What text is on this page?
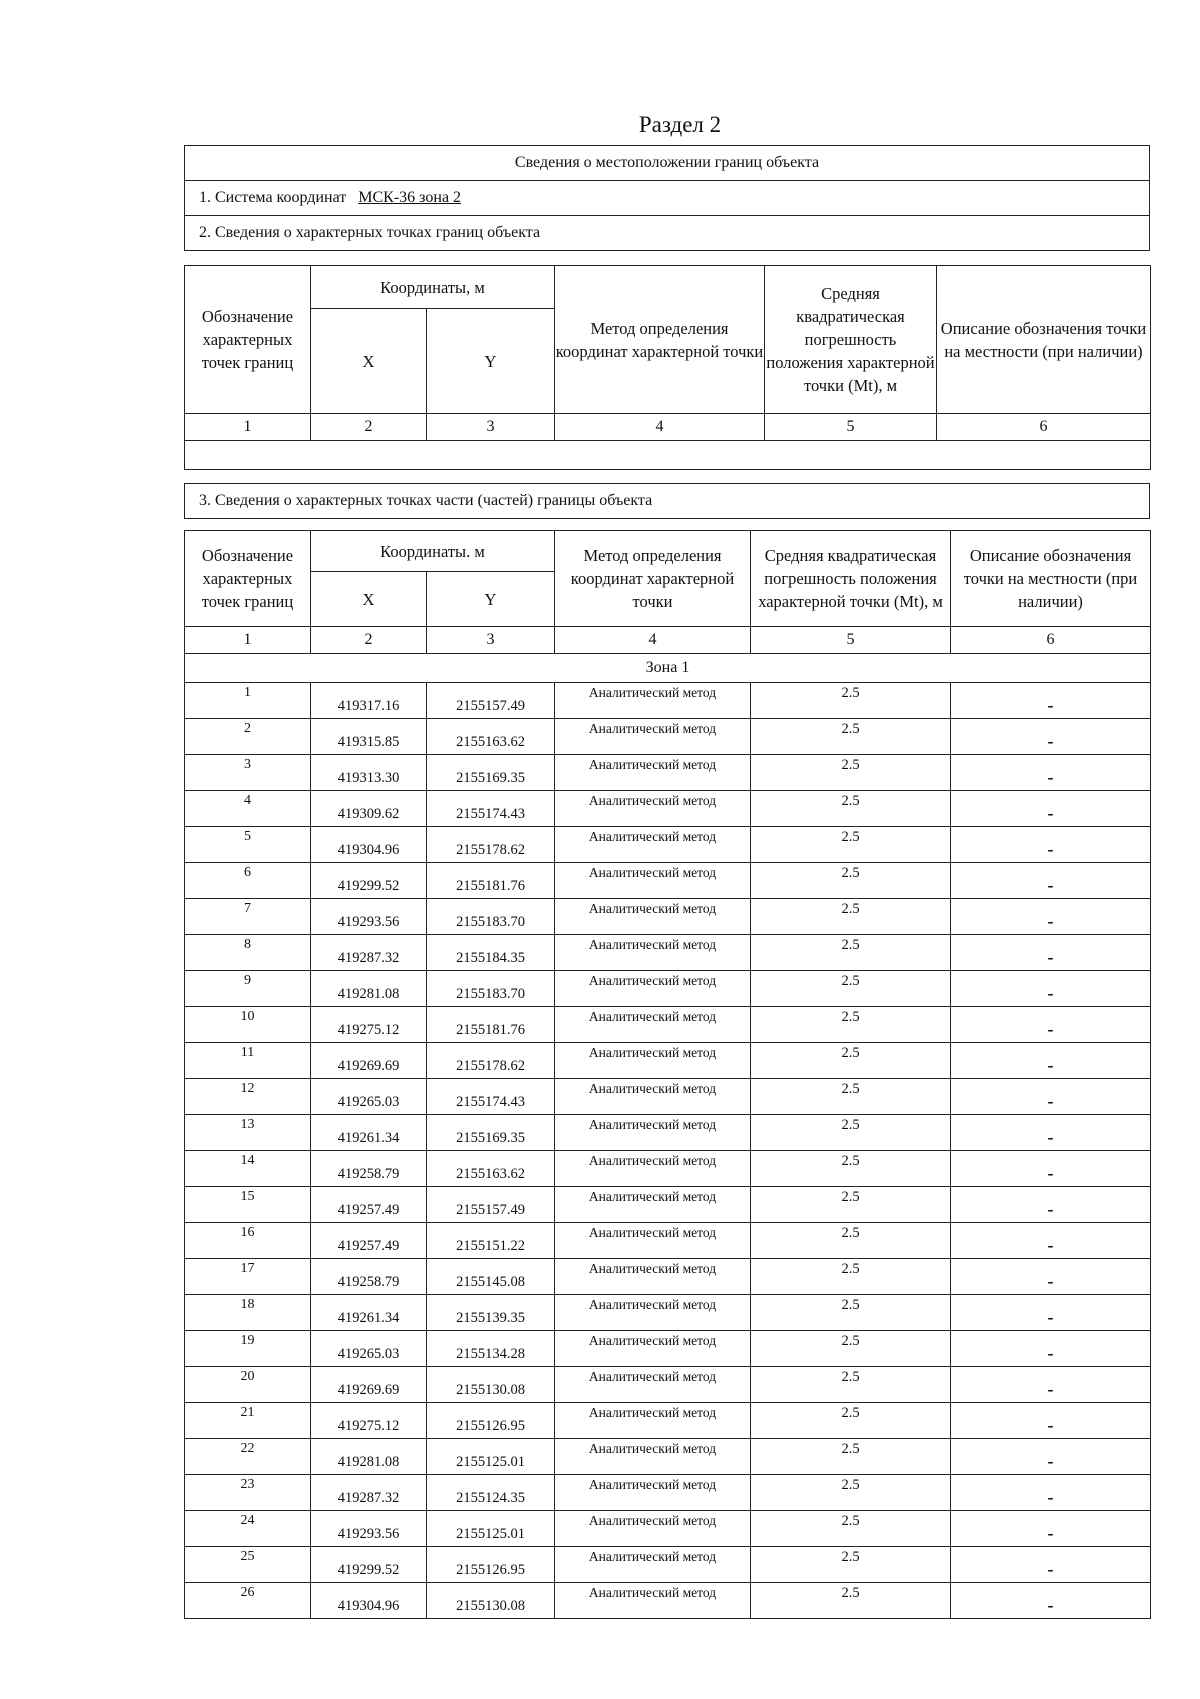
Раздел 2
Сведения о местоположении границ объекта
1. Система координат МСК-36 зона 2
2. Сведения о характерных точках границ объекта
Обозначение характерных точек границ	Координаты, м		Метод определения координат характерной точки	Средняя квадратическая погрешность положения характерной точки (Mt), м	Описание обозначения точки на местности (при наличии)
	X	Y			
1	2	3	4	5	6

3. Сведения о характерных точках части (частей) границы объекта
Обозначение характерных точек границ	Координаты. м		Метод определения координат характерной точки	Средняя квадратическая погрешность положения характерной точки (Mt), м	Описание обозначения точки на местности (при наличии)
	X	Y			
1	2	3	4	5	6
Зона 1					
1	419317.16	2155157.49	Аналитический метод	2.5	-
2	419315.85	2155163.62	Аналитический метод	2.5	-
3	419313.30	2155169.35	Аналитический метод	2.5	-
4	419309.62	2155174.43	Аналитический метод	2.5	-
5	419304.96	2155178.62	Аналитический метод	2.5	-
6	419299.52	2155181.76	Аналитический метод	2.5	-
7	419293.56	2155183.70	Аналитический метод	2.5	-
8	419287.32	2155184.35	Аналитический метод	2.5	-
9	419281.08	2155183.70	Аналитический метод	2.5	-
10	419275.12	2155181.76	Аналитический метод	2.5	-
11	419269.69	2155178.62	Аналитический метод	2.5	-
12	419265.03	2155174.43	Аналитический метод	2.5	-
13	419261.34	2155169.35	Аналитический метод	2.5	-
14	419258.79	2155163.62	Аналитический метод	2.5	-
15	419257.49	2155157.49	Аналитический метод	2.5	-
16	419257.49	2155151.22	Аналитический метод	2.5	-
17	419258.79	2155145.08	Аналитический метод	2.5	-
18	419261.34	2155139.35	Аналитический метод	2.5	-
19	419265.03	2155134.28	Аналитический метод	2.5	-
20	419269.69	2155130.08	Аналитический метод	2.5	-
21	419275.12	2155126.95	Аналитический метод	2.5	-
22	419281.08	2155125.01	Аналитический метод	2.5	-
23	419287.32	2155124.35	Аналитический метод	2.5	-
24	419293.56	2155125.01	Аналитический метод	2.5	-
25	419299.52	2155126.95	Аналитический метод	2.5	-
26	419304.96	2155130.08	Аналитический метод	2.5	-
